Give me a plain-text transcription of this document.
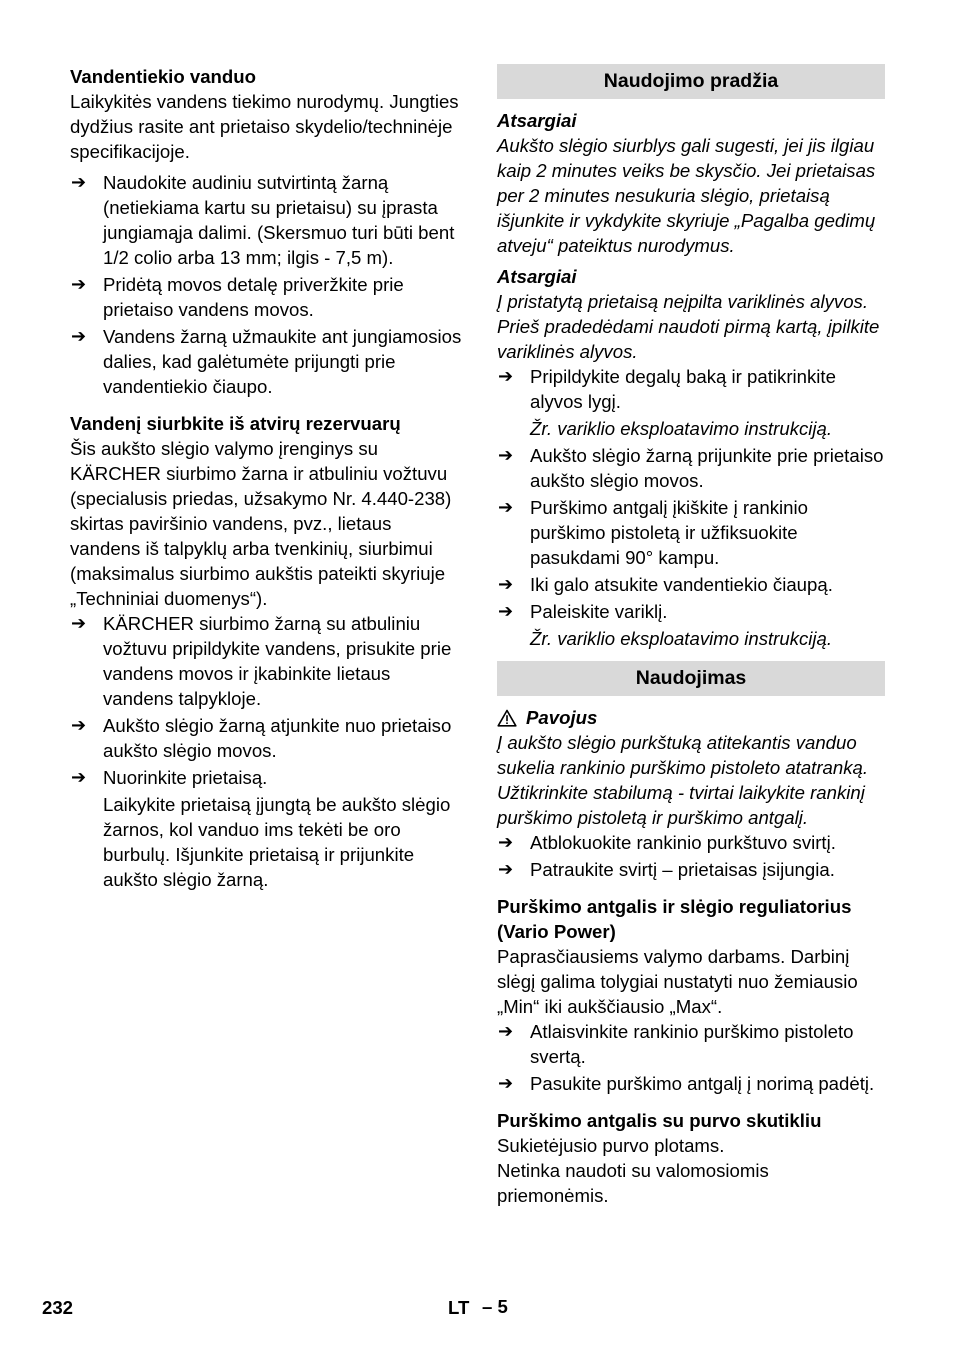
Vandentiekio vanduo

Laikykitės vandens tiekimo nurodymų. Jungties dydžius rasite ant prietaiso skydelio/techninėje specifikacijoje.

➔ Naudokite audiniu sutvirtintą žarną (netiekiama kartu su prietaisu) su įprasta jungiamąja dalimi. (Skersmuo turi būti bent 1/2 colio arba 13 mm; ilgis - 7,5 m).
➔ Pridėtą movos detalę priveržkite prie prietaiso vandens movos.
➔ Vandens žarną užmaukite ant jungiamosios dalies, kad galėtumėte prijungti prie vandentiekio čiaupo.

Vandenį siurbkite iš atvirų rezervuarų

Šis aukšto slėgio valymo įrenginys su KÄRCHER siurbimo žarna ir atbuliniu vožtuvu (specialusis priedas, užsakymo Nr. 4.440-238) skirtas paviršinio vandens, pvz., lietaus vandens iš talpyklų arba tvenkinių, siurbimui (maksimalus siurbimo aukštis pateikti skyriuje „Techniniai duomenys“).

➔ KÄRCHER siurbimo žarną su atbuliniu vožtuvu pripildykite vandens, prisukite prie vandens movos ir įkabinkite lietaus vandens talpykloje.
➔ Aukšto slėgio žarną atjunkite nuo prietaiso aukšto slėgio movos.
➔ Nuorinkite prietaisą.

Laikykite prietaisą įjungtą be aukšto slėgio žarnos, kol vanduo ims tekėti be oro burbulų. Išjunkite prietaisą ir prijunkite aukšto slėgio žarną.

Naudojimo pradžia

Atsargiai

Aukšto slėgio siurblys gali sugesti, jei jis ilgiau kaip 2 minutes veiks be skysčio. Jei prietaisas per 2 minutes nesukuria slėgio, prietaisą išjunkite ir vykdykite skyriuje „Pagalba gedimų atveju“ pateiktus nurodymus.

Atsargiai

Į pristatytą prietaisą neįpilta variklinės alyvos. Prieš pradedėdami naudoti pirmą kartą, įpilkite variklinės alyvos.

➔ Pripildykite degalų baką ir patikrinkite alyvos lygį.

Žr. variklio eksploatavimo instrukciją.

➔ Aukšto slėgio žarną prijunkite prie prietaiso aukšto slėgio movos.
➔ Purškimo antgalį įkiškite į rankinio purškimo pistoletą ir užfiksuokite pasukdami 90° kampu.
➔ Iki galo atsukite vandentiekio čiaupą.
➔ Paleiskite variklį.

Žr. variklio eksploatavimo instrukciją.

Naudojimas
Pavojus

Į aukšto slėgio purkštuką atitekantis vanduo sukelia rankinio purškimo pistoleto atatranką. Užtikrinkite stabilumą - tvirtai laikykite rankinį purškimo pistoletą ir purškimo antgalį.

➔ Atblokuokite rankinio purkštuvo svirtį.
➔ Patraukite svirtį – prietaisas įsijungia.

Purškimo antgalis ir slėgio reguliatorius (Vario Power)

Paprasčiausiems valymo darbams. Darbinį slėgį galima tolygiai nustatyti nuo žemiausio „Min“ iki aukščiausio „Max“.

➔ Atlaisvinkite rankinio purškimo pistoleto svertą.
➔ Pasukite purškimo antgalį į norimą padėtį.

Purškimo antgalis su purvo skutikliu

Sukietėjusio purvo plotams.

Netinka naudoti su valomosiomis priemonėmis.

232	LT – 5
